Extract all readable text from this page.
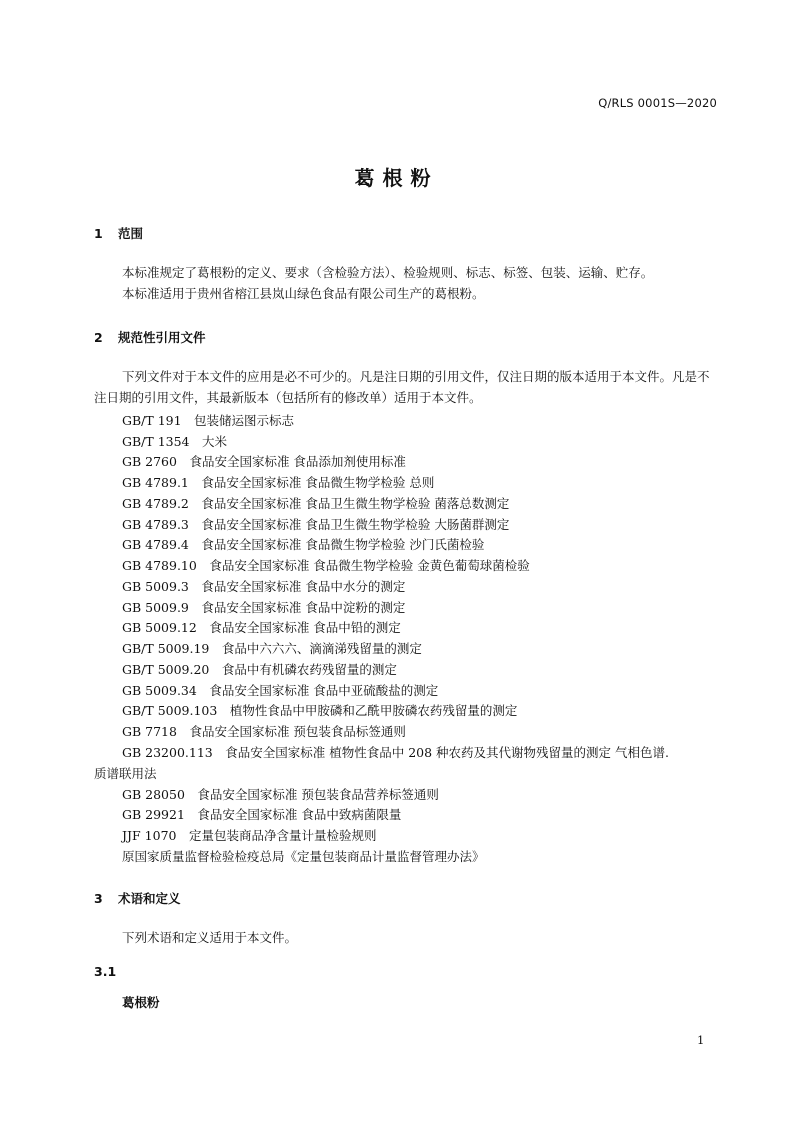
Q/RLS 0001S—2020
葛根粉
1 范围
本标准规定了葛根粉的定义、要求（含检验方法）、检验规则、标志、标签、包装、运输、贮存。
本标准适用于贵州省榕江县岚山绿色食品有限公司生产的葛根粉。
2 规范性引用文件
下列文件对于本文件的应用是必不可少的。凡是注日期的引用文件，仅注日期的版本适用于本文件。凡是不注日期的引用文件，其最新版本（包括所有的修改单）适用于本文件。
GB/T 191　包装储运图示标志
GB/T 1354　大米
GB 2760　食品安全国家标准 食品添加剂使用标准
GB 4789.1　食品安全国家标准 食品微生物学检验 总则
GB 4789.2　食品安全国家标准 食品卫生微生物学检验 菌落总数测定
GB 4789.3　食品安全国家标准 食品卫生微生物学检验 大肠菌群测定
GB 4789.4　食品安全国家标准 食品微生物学检验 沙门氏菌检验
GB 4789.10　食品安全国家标准 食品微生物学检验 金黄色葡萄球菌检验
GB 5009.3　食品安全国家标准 食品中水分的测定
GB 5009.9　食品安全国家标准 食品中淀粉的测定
GB 5009.12　食品安全国家标准 食品中铅的测定
GB/T 5009.19　食品中六六六、滴滴涕残留量的测定
GB/T 5009.20　食品中有机磷农药残留量的测定
GB 5009.34　食品安全国家标准 食品中亚硫酸盐的测定
GB/T 5009.103　植物性食品中甲胺磷和乙酰甲胺磷农药残留量的测定
GB 7718　食品安全国家标准 预包装食品标签通则
GB 23200.113　食品安全国家标准 植物性食品中 208 种农药及其代谢物残留量的测定 气相色谱.
质谱联用法
GB 28050　食品安全国家标准 预包装食品营养标签通则
GB 29921　食品安全国家标准 食品中致病菌限量
JJF 1070　定量包装商品净含量计量检验规则
原国家质量监督检验检疫总局《定量包装商品计量监督管理办法》
3 术语和定义
下列术语和定义适用于本文件。
3.1
葛根粉
1
